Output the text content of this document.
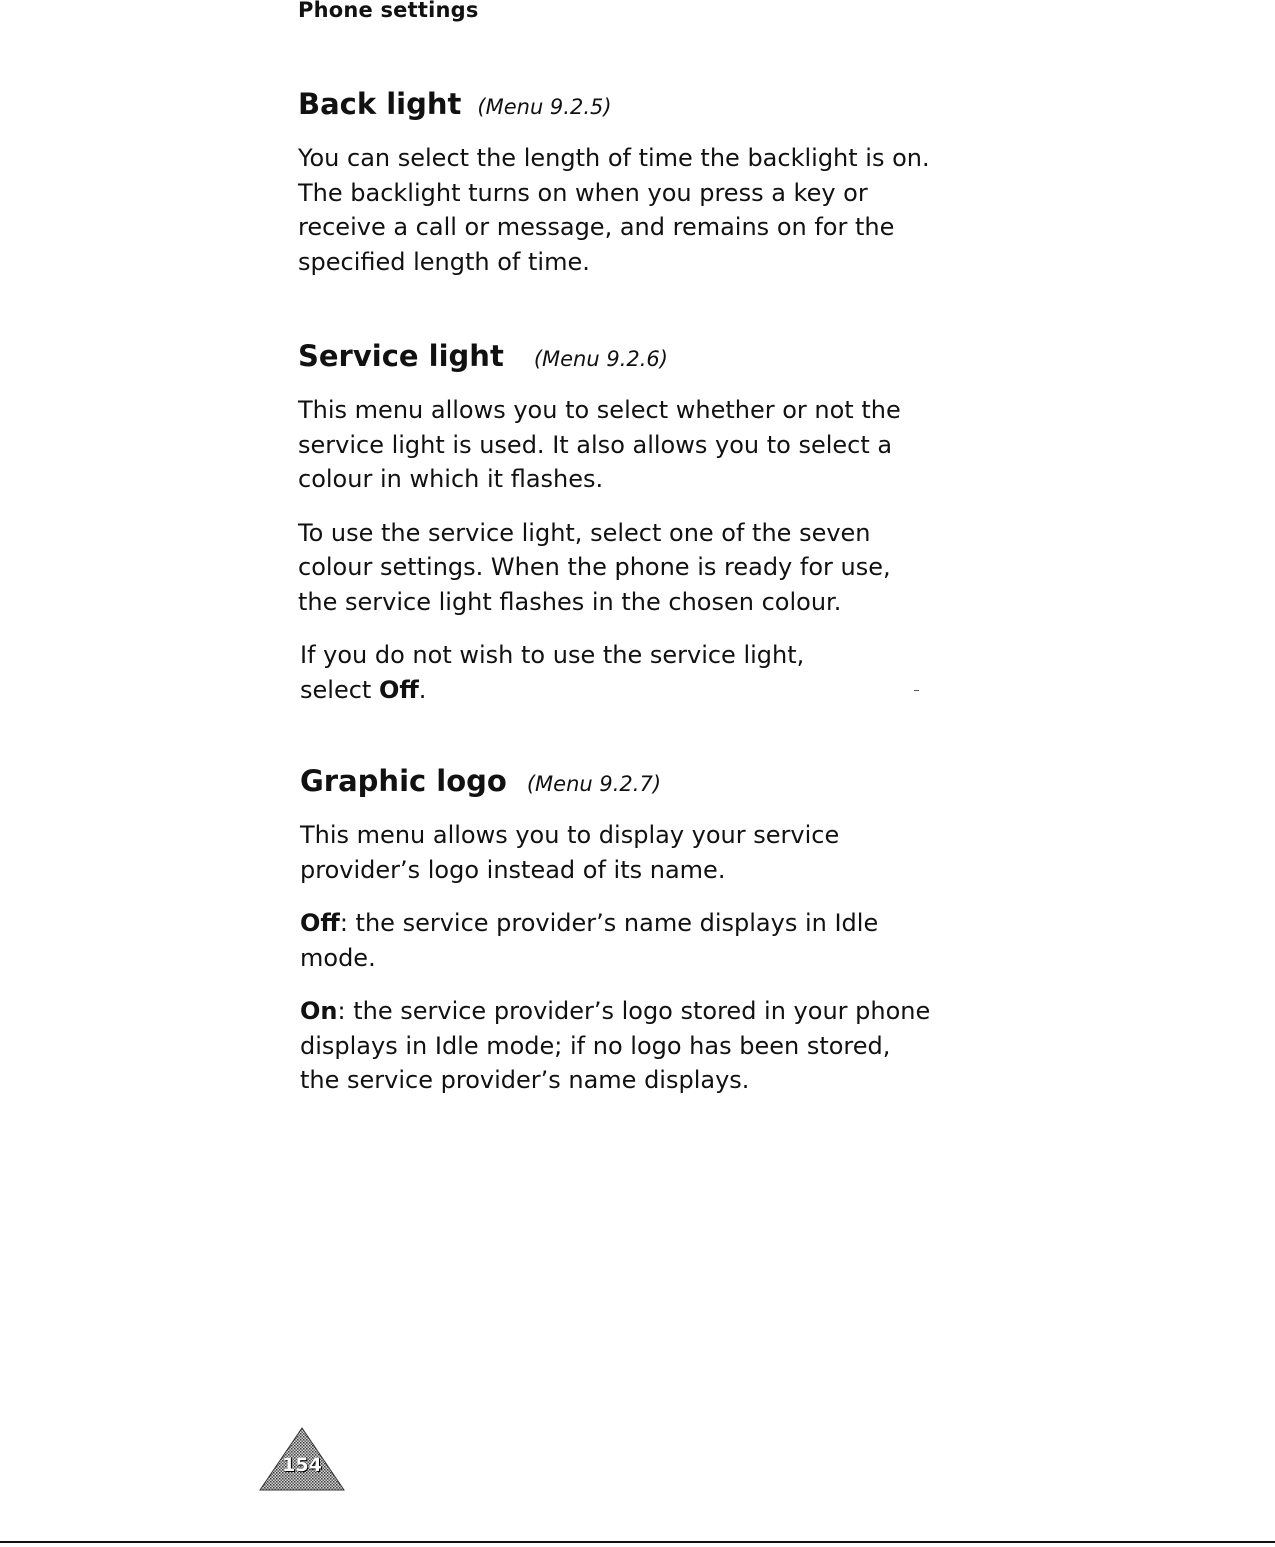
Phone settings
Back light (Menu 9.2.5)

You can select the length of time the backlight is on.
The backlight turns on when you press a key or
receive a call or message, and remains on for the
specified length of time.

Service light (Menu 9.2.6)

This menu allows you to select whether or not the
service light is used. It also allows you to select a
colour in which it flashes.

To use the service light, select one of the seven
colour settings. When the phone is ready for use,
the service light flashes in the chosen colour.

If you do not wish to use the service light,
select Off.

Graphic logo (Menu 9.2.7)

This menu allows you to display your service
provider’s logo instead of its name.

Off: the service provider’s name displays in Idle
mode.

On: the service provider’s logo stored in your phone
displays in Idle mode; if no logo has been stored,
the service provider’s name displays.

154
